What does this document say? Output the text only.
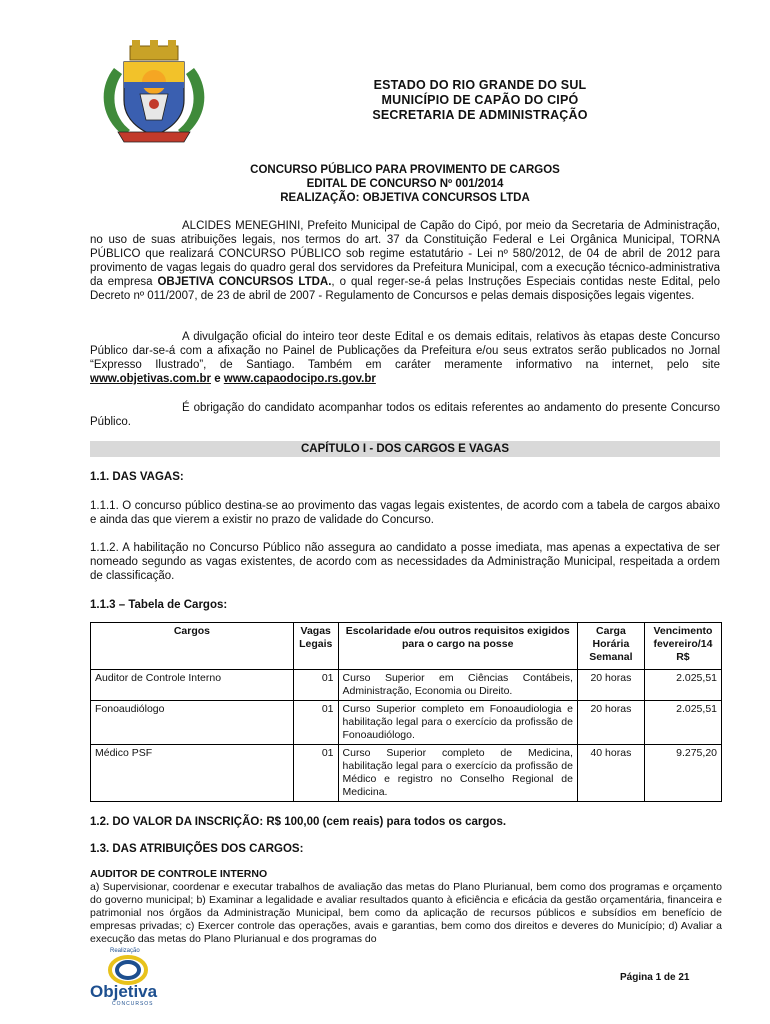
ESTADO DO RIO GRANDE DO SUL
MUNICÍPIO DE CAPÃO DO CIPÓ
SECRETARIA DE ADMINISTRAÇÃO
CONCURSO PÚBLICO PARA PROVIMENTO DE CARGOS
EDITAL DE CONCURSO Nº 001/2014
REALIZAÇÃO: OBJETIVA CONCURSOS LTDA
ALCIDES MENEGHINI, Prefeito Municipal de Capão do Cipó, por meio da Secretaria de Administração, no uso de suas atribuições legais, nos termos do art. 37 da Constituição Federal e Lei Orgânica Municipal, TORNA PÚBLICO que realizará CONCURSO PÚBLICO sob regime estatutário - Lei nº 580/2012, de 04 de abril de 2012 para provimento de vagas legais do quadro geral dos servidores da Prefeitura Municipal, com a execução técnico-administrativa da empresa OBJETIVA CONCURSOS LTDA., o qual reger-se-á pelas Instruções Especiais contidas neste Edital, pelo Decreto nº 011/2007, de 23 de abril de 2007 - Regulamento de Concursos e pelas demais disposições legais vigentes.
A divulgação oficial do inteiro teor deste Edital e os demais editais, relativos às etapas deste Concurso Público dar-se-á com a afixação no Painel de Publicações da Prefeitura e/ou seus extratos serão publicados no Jornal “Expresso Ilustrado”, de Santiago. Também em caráter meramente informativo na internet, pelo site www.objetivas.com.br e www.capaodocipo.rs.gov.br
É obrigação do candidato acompanhar todos os editais referentes ao andamento do presente Concurso Público.
CAPÍTULO I - DOS CARGOS E VAGAS
1.1. DAS VAGAS:
1.1.1. O concurso público destina-se ao provimento das vagas legais existentes, de acordo com a tabela de cargos abaixo e ainda das que vierem a existir no prazo de validade do Concurso.
1.1.2. A habilitação no Concurso Público não assegura ao candidato a posse imediata, mas apenas a expectativa de ser nomeado segundo as vagas existentes, de acordo com as necessidades da Administração Municipal, respeitada a ordem de classificação.
1.1.3 – Tabela de Cargos:
Cargos	Vagas Legais	Escolaridade e/ou outros requisitos exigidos para o cargo na posse	Carga Horária Semanal	Vencimento fevereiro/14 R$
Auditor de Controle Interno	01	Curso Superior em Ciências Contábeis, Administração, Economia ou Direito.	20 horas	2.025,51
Fonoaudiólogo	01	Curso Superior completo em Fonoaudiologia e habilitação legal para o exercício da profissão de Fonoaudiólogo.	20 horas	2.025,51
Médico PSF	01	Curso Superior completo de Medicina, habilitação legal para o exercício da profissão de Médico e registro no Conselho Regional de Medicina.	40 horas	9.275,20
1.2. DO VALOR DA INSCRIÇÃO: R$ 100,00 (cem reais) para todos os cargos.
1.3. DAS ATRIBUIÇÕES DOS CARGOS:
AUDITOR DE CONTROLE INTERNO
a) Supervisionar, coordenar e executar trabalhos de avaliação das metas do Plano Plurianual, bem como dos programas e orçamento do governo municipal; b) Examinar a legalidade e avaliar resultados quanto à eficiência e eficácia da gestão orçamentária, financeira e patrimonial nos órgãos da Administração Municipal, bem como da aplicação de recursos públicos e subsídios em benefício de empresas privadas; c) Exercer controle das operações, avais e garantias, bem como dos direitos e deveres do Município; d) Avaliar a execução das metas do Plano Plurianual e dos programas do
Realização
Objetiva
CONCURSOS
Página 1 de 21
